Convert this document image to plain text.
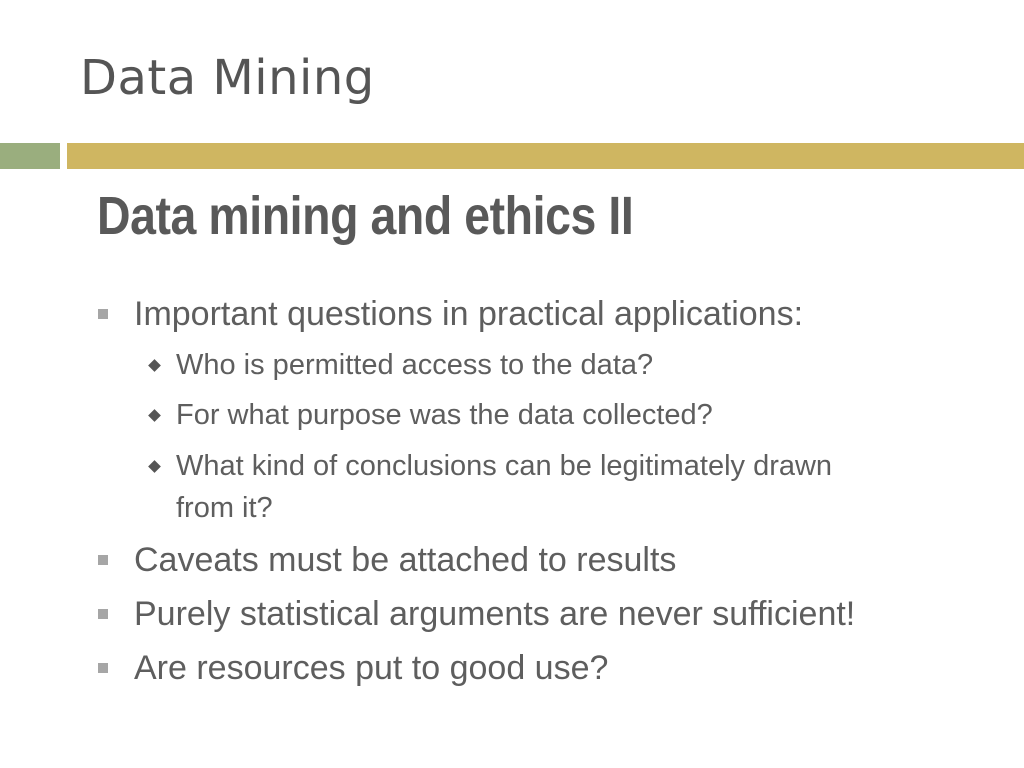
Data Mining
Data mining and ethics II
Important questions in practical applications:
Who is permitted access to the data?
For what purpose was the data collected?
What kind of conclusions can be legitimately drawn
from it?
Caveats must be attached to results
Purely statistical arguments are never sufficient!
Are resources put to good use?
